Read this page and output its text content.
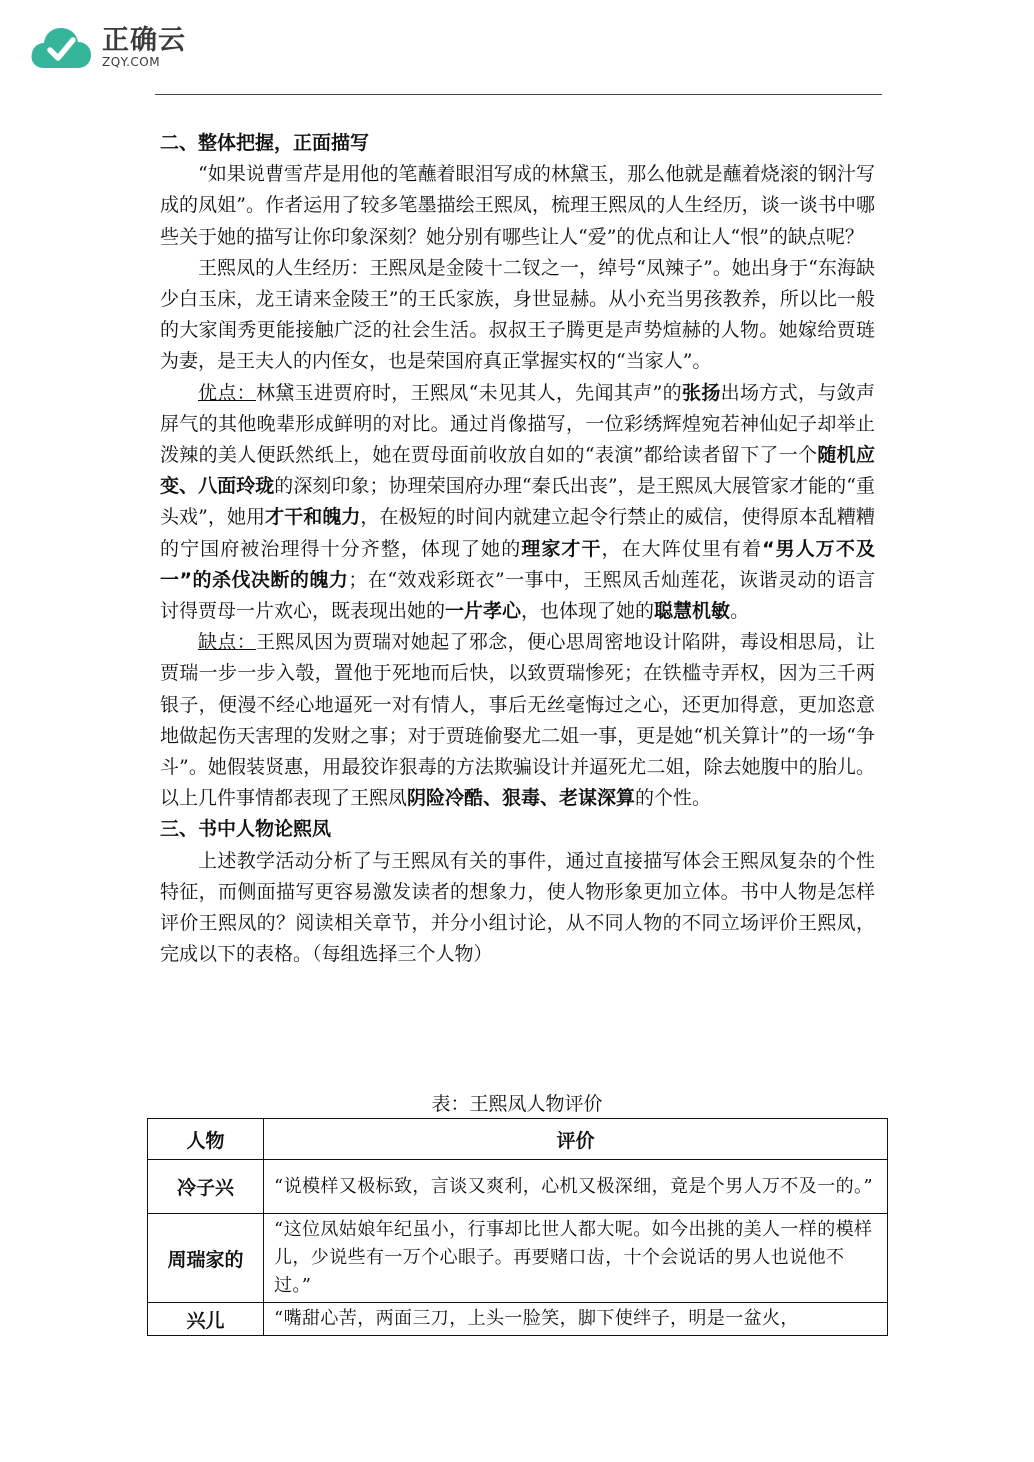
正确云
ZQY.COM
二、整体把握，正面描写

“如果说曹雪芹是用他的笔蘸着眼泪写成的林黛玉，那么他就是蘸着烧滚的钢汁写成的凤姐”。作者运用了较多笔墨描绘王熙凤，梳理王熙凤的人生经历，谈一谈书中哪些关于她的描写让你印象深刻？她分别有哪些让人“爱”的优点和让人“恨”的缺点呢？

王熙凤的人生经历：王熙凤是金陵十二钗之一，绰号“凤辣子”。她出身于“东海缺少白玉床，龙王请来金陵王”的王氏家族，身世显赫。从小充当男孩教养，所以比一般的大家闺秀更能接触广泛的社会生活。叔叔王子腾更是声势煊赫的人物。她嫁给贾琏为妻，是王夫人的内侄女，也是荣国府真正掌握实权的“当家人”。

优点：林黛玉进贾府时，王熙凤“未见其人，先闻其声”的张扬出场方式，与敛声屏气的其他晚辈形成鲜明的对比。通过肖像描写，一位彩绣辉煌宛若神仙妃子却举止泼辣的美人便跃然纸上，她在贾母面前收放自如的“表演”都给读者留下了一个随机应变、八面玲珑的深刻印象；协理荣国府办理“秦氏出丧”，是王熙凤大展管家才能的“重头戏”，她用才干和魄力，在极短的时间内就建立起令行禁止的威信，使得原本乱糟糟的宁国府被治理得十分齐整，体现了她的理家才干，在大阵仗里有着“男人万不及一”的杀伐决断的魄力；在“效戏彩斑衣”一事中，王熙凤舌灿莲花，诙谐灵动的语言讨得贾母一片欢心，既表现出她的一片孝心，也体现了她的聪慧机敏。

缺点：王熙凤因为贾瑞对她起了邪念，便心思周密地设计陷阱，毒设相思局，让贾瑞一步一步入彀，置他于死地而后快，以致贾瑞惨死；在铁槛寺弄权，因为三千两银子，便漫不经心地逼死一对有情人，事后无丝毫悔过之心，还更加得意，更加恣意地做起伤天害理的发财之事；对于贾琏偷娶尤二姐一事，更是她“机关算计”的一场“争斗”。她假装贤惠，用最狡诈狠毒的方法欺骗设计并逼死尤二姐，除去她腹中的胎儿。以上几件事情都表现了王熙凤阴险冷酷、狠毒、老谋深算的个性。

三、书中人物论熙凤

上述教学活动分析了与王熙凤有关的事件，通过直接描写体会王熙凤复杂的个性特征，而侧面描写更容易激发读者的想象力，使人物形象更加立体。书中人物是怎样评价王熙凤的？阅读相关章节，并分小组讨论，从不同人物的不同立场评价王熙凤，完成以下的表格。（每组选择三个人物）

表：王熙凤人物评价
人物	评价
冷子兴	“说模样又极标致，言谈又爽利，心机又极深细，竟是个男人万不及一的。”
周瑞家的	“这位凤姑娘年纪虽小，行事却比世人都大呢。如今出挑的美人一样的模样儿，少说些有一万个心眼子。再要赌口齿，十个会说话的男人也说他不过。”
兴儿	“嘴甜心苦，两面三刀，上头一脸笑，脚下使绊子，明是一盆火，
